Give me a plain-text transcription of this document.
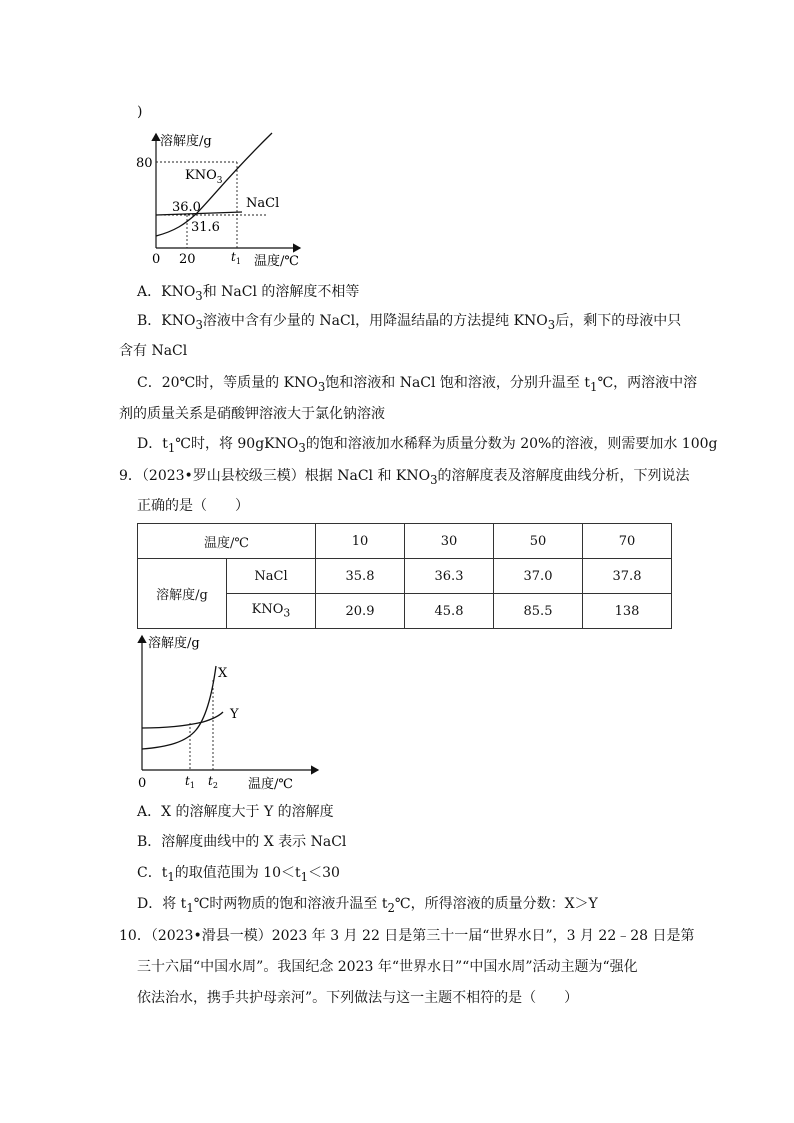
)
溶解度/g
80
$KNO_3$
NaCl
36.0
31.6
0 20	$t_1$ 温度/℃
A．$KNO_3$和 NaCl 的溶解度不相等
B．$KNO_3$溶液中含有少量的 NaCl，用降温结晶的方法提纯 $KNO_3$后，剩下的母液中只
含有 NaCl
C．20℃时，等质量的 $KNO_3$饱和溶液和 NaCl 饱和溶液，分别升温至 $t_1℃$，两溶液中溶
剂的质量关系是硝酸钾溶液大于氯化钠溶液
D．$t_1℃$时，将 90gKNO$_3$的饱和溶液加水稀释为质量分数为 20%的溶液，则需要加水 100g
9．（2023•罗山县校级三模）根据 NaCl 和 $KNO_3$的溶解度表及溶解度曲线分析，下列说法
正确的是（　　）
温度/℃		10	30	50	70
溶解度/g	NaCl	35.8	36.3	37.0	37.8
	$KNO_3$	20.9	45.8	85.5	138
溶解度/g
X
Y
0	$t_1$ $t_2$ 温度/℃
A．X 的溶解度大于 Y 的溶解度
B．溶解度曲线中的 X 表示 NaCl
C．$t_1$的取值范围为 $10<t_1<30$
D．将 $t_1℃$时两物质的饱和溶液升温至 $t_2℃$，所得溶液的质量分数：X＞Y
10．（2023•滑县一模）2023 年 3 月 22 日是第三十一届“世界水日”，3 月 22﹣28 日是第
三十六届“中国水周”。我国纪念 2023 年“世界水日”“中国水周”活动主题为“强化
依法治水，携手共护母亲河”。下列做法与这一主题不相符的是（　　）
